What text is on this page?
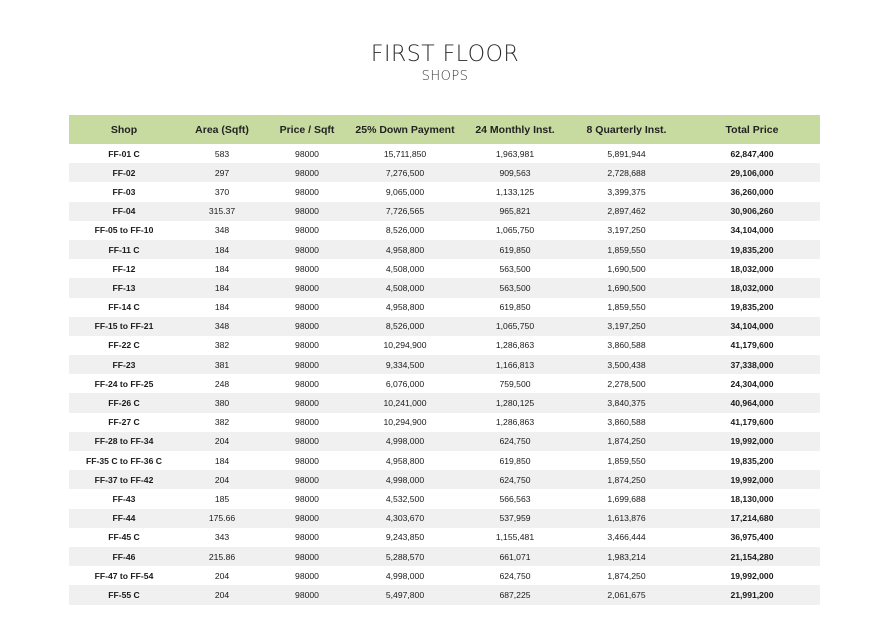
FIRST FLOOR
SHOPS
Shop	Area (Sqft)	Price / Sqft	25% Down Payment	24 Monthly Inst.	8 Quarterly Inst.	Total Price
FF-01 C	583	98000	15,711,850	1,963,981	5,891,944	62,847,400
FF-02	297	98000	7,276,500	909,563	2,728,688	29,106,000
FF-03	370	98000	9,065,000	1,133,125	3,399,375	36,260,000
FF-04	315.37	98000	7,726,565	965,821	2,897,462	30,906,260
FF-05 to FF-10	348	98000	8,526,000	1,065,750	3,197,250	34,104,000
FF-11 C	184	98000	4,958,800	619,850	1,859,550	19,835,200
FF-12	184	98000	4,508,000	563,500	1,690,500	18,032,000
FF-13	184	98000	4,508,000	563,500	1,690,500	18,032,000
FF-14 C	184	98000	4,958,800	619,850	1,859,550	19,835,200
FF-15 to FF-21	348	98000	8,526,000	1,065,750	3,197,250	34,104,000
FF-22 C	382	98000	10,294,900	1,286,863	3,860,588	41,179,600
FF-23	381	98000	9,334,500	1,166,813	3,500,438	37,338,000
FF-24 to FF-25	248	98000	6,076,000	759,500	2,278,500	24,304,000
FF-26 C	380	98000	10,241,000	1,280,125	3,840,375	40,964,000
FF-27 C	382	98000	10,294,900	1,286,863	3,860,588	41,179,600
FF-28 to FF-34	204	98000	4,998,000	624,750	1,874,250	19,992,000
FF-35 C to FF-36 C	184	98000	4,958,800	619,850	1,859,550	19,835,200
FF-37 to FF-42	204	98000	4,998,000	624,750	1,874,250	19,992,000
FF-43	185	98000	4,532,500	566,563	1,699,688	18,130,000
FF-44	175.66	98000	4,303,670	537,959	1,613,876	17,214,680
FF-45 C	343	98000	9,243,850	1,155,481	3,466,444	36,975,400
FF-46	215.86	98000	5,288,570	661,071	1,983,214	21,154,280
FF-47 to FF-54	204	98000	4,998,000	624,750	1,874,250	19,992,000
FF-55 C	204	98000	5,497,800	687,225	2,061,675	21,991,200
